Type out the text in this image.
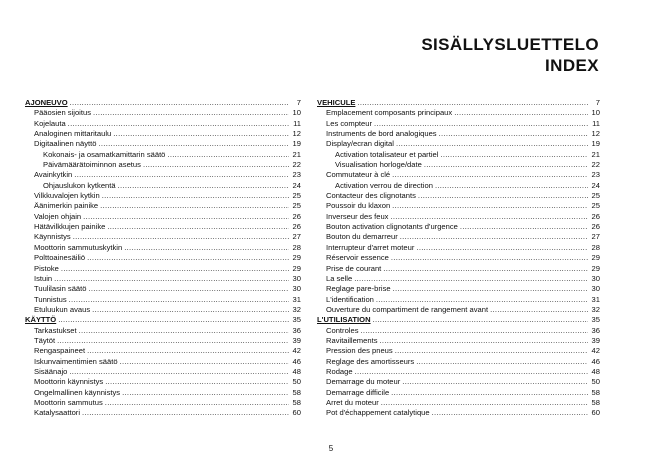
SISÄLLYSLUETTELO
INDEX
AJONEUVO .....	7
Pääosien sijoitus .....	10
Kojelauta .....	11
Analoginen mittaritaulu .....	12
Digitaalinen näyttö .....	19
Kokonais- ja osamatkamittarin säätö .....	21
Päivämäärätoiminnon asetus .....	22
Avainkytkin .....	23
Ohjauslukon kytkentä .....	24
Vilkkuvalojen kytkin .....	25
Äänimerkin painike .....	25
Valojen ohjain .....	26
Hätävilkkujen painike .....	26
Käynnistys .....	27
Moottorin sammutuskytkin .....	28
Polttoainesäiliö .....	29
Pistoke .....	29
Istuin .....	30
Tuulilasin säätö .....	30
Tunnistus .....	31
Etuluukun avaus .....	32
KÄYTTÖ .....	35
Tarkastukset .....	36
Täytöt .....	39
Rengaspaineet .....	42
Iskunvaimentimien säätö .....	46
Sisäänajo .....	48
Moottorin käynnistys .....	50
Ongelmallinen käynnistys .....	58
Moottorin sammutus .....	58
Katalysaattori .....	60
VEHICULE .....	7
Emplacement composants principaux .....	10
Les compteur .....	11
Instruments de bord analogiques .....	12
Display/ecran digital .....	19
Activation totalisateur et partiel .....	21
Visualisation horloge/date .....	22
Commutateur à clé .....	23
Activation verrou de direction .....	24
Contacteur des clignotants .....	25
Poussoir du klaxon .....	25
Inverseur des feux .....	26
Bouton activation clignotants d'urgence .....	26
Bouton du demarreur .....	27
Interrupteur d'arret moteur .....	28
Réservoir essence .....	29
Prise de courant .....	29
La selle .....	30
Reglage pare-brise .....	30
L'identification .....	31
Ouverture du compartiment de rangement avant .....	32
L'UTILISATION .....	35
Controles .....	36
Ravitaillements .....	39
Pression des pneus .....	42
Reglage des amortisseurs .....	46
Rodage .....	48
Demarrage du moteur .....	50
Demarrage difficile .....	58
Arret du moteur .....	58
Pot d'échappement catalytique .....	60
5
